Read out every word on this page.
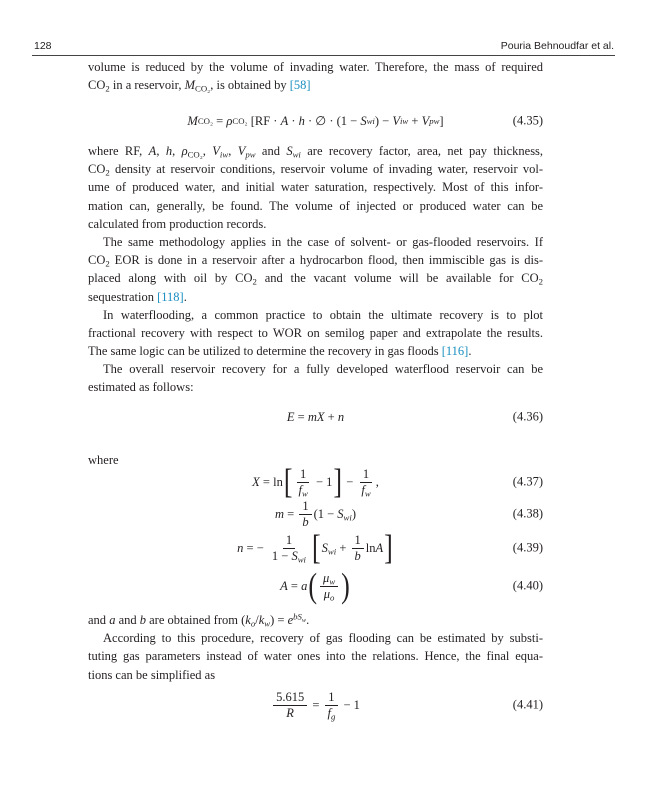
128	Pouria Behnoudfar et al.
volume is reduced by the volume of invading water. Therefore, the mass of required
$CO_2$ in a reservoir, $M_{CO_2}$, is obtained by [58]
M CO₂ = ρ CO₂ [RF · A · h · ∅ · (1 − S wi ) − V iw + V pw ]	(4.35)
where RF, A, h, $\rho_{CO_2}$, $V_{iw}$, $V_{pw}$ and $S_{wi}$ are recovery factor, area, net pay thickness,
$CO_2$ density at reservoir conditions, reservoir volume of invading water, reservoir vol-
ume of produced water, and initial water saturation, respectively. Most of this infor-
mation can, generally, be found. The volume of injected or produced water can be
calculated from production records.
The same methodology applies in the case of solvent- or gas-flooded reservoirs. If
$CO_2$ EOR is done in a reservoir after a hydrocarbon flood, then immiscible gas is dis-
placed along with oil by $CO_2$ and the vacant volume will be available for $CO_2$
sequestration [118].
In waterflooding, a common practice to obtain the ultimate recovery is to plot
fractional recovery with respect to WOR on semilog paper and extrapolate the results.
The same logic can be utilized to determine the recovery in gas floods [116].
The overall reservoir recovery for a fully developed waterflood reservoir can be
estimated as follows:
E = mX + n	(4.36)
where
X = ln [ $\frac{1}{f_w} - 1$ ] − $\frac{1}{f_w}$ ,	(4.37)
$m = \frac{1}{b} (1 - S_{wi})$	(4.38)
n = − $\frac{1}{1 - S_{wi}}$ [ $S_{wi} + \frac{1}{b}$ lnA ]	(4.39)
A = a ( $\frac{\mu_w}{\mu_o}$ )	(4.40)
and a and b are obtained from $(k_o/k_w) = e^{bS}w$.
According to this procedure, recovery of gas flooding can be estimated by substi-
tuting gas parameters instead of water ones into the relations. Hence, the final equa-
tions can be simplified as
$\frac{5.615}{R} = \frac{1}{f_g} - 1$	(4.41)
